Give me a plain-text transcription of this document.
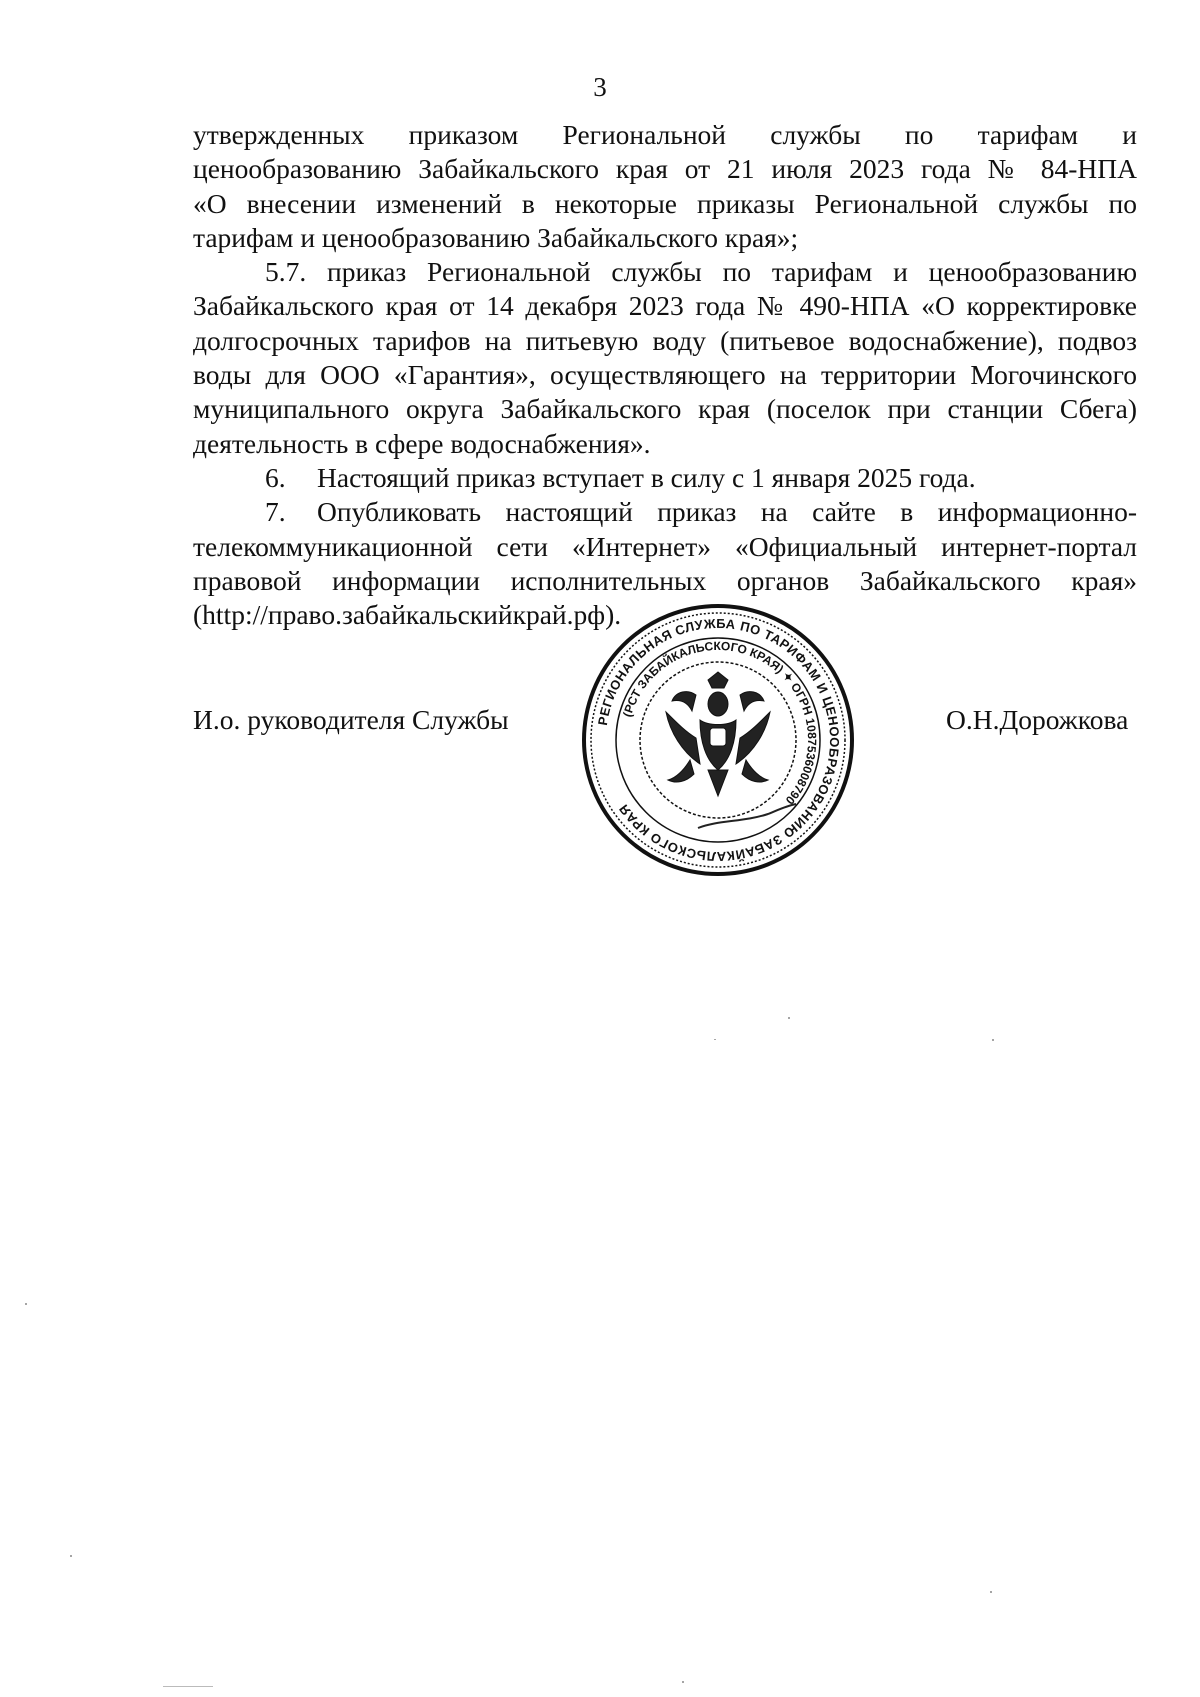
3

утвержденных приказом Региональной службы по тарифам и

ценообразованию Забайкальского края от 21 июля 2023 года № 84-НПА

«О внесении изменений в некоторые приказы Региональной службы по

тарифам и ценообразованию Забайкальского края»;

5.7. приказ Региональной службы по тарифам и ценообразованию

Забайкальского края от 14 декабря 2023 года № 490-НПА «О корректировке

долгосрочных тарифов на питьевую воду (питьевое водоснабжение), подвоз

воды для ООО «Гарантия», осуществляющего на территории Могочинского

муниципального округа Забайкальского края (поселок при станции Сбега)

деятельность в сфере водоснабжения».

6. Настоящий приказ вступает в силу с 1 января 2025 года.

7. Опубликовать настоящий приказ на сайте в информационно-

телекоммуникационной сети «Интернет» «Официальный интернет-портал

правовой информации исполнительных органов Забайкальского края»

(http://право.забайкальскийкрай.рф).

И.о. руководителя Службы	О.Н.Дорожкова
РЕГИОНАЛЬНАЯ СЛУЖБА ПО ТАРИФАМ И ЦЕНООБРАЗОВАНИЮ ЗАБАЙКАЛЬСКОГО КРАЯ
(РСТ ЗАБАЙКАЛЬСКОГО КРАЯ) ✦ ОГРН 1087536008790
